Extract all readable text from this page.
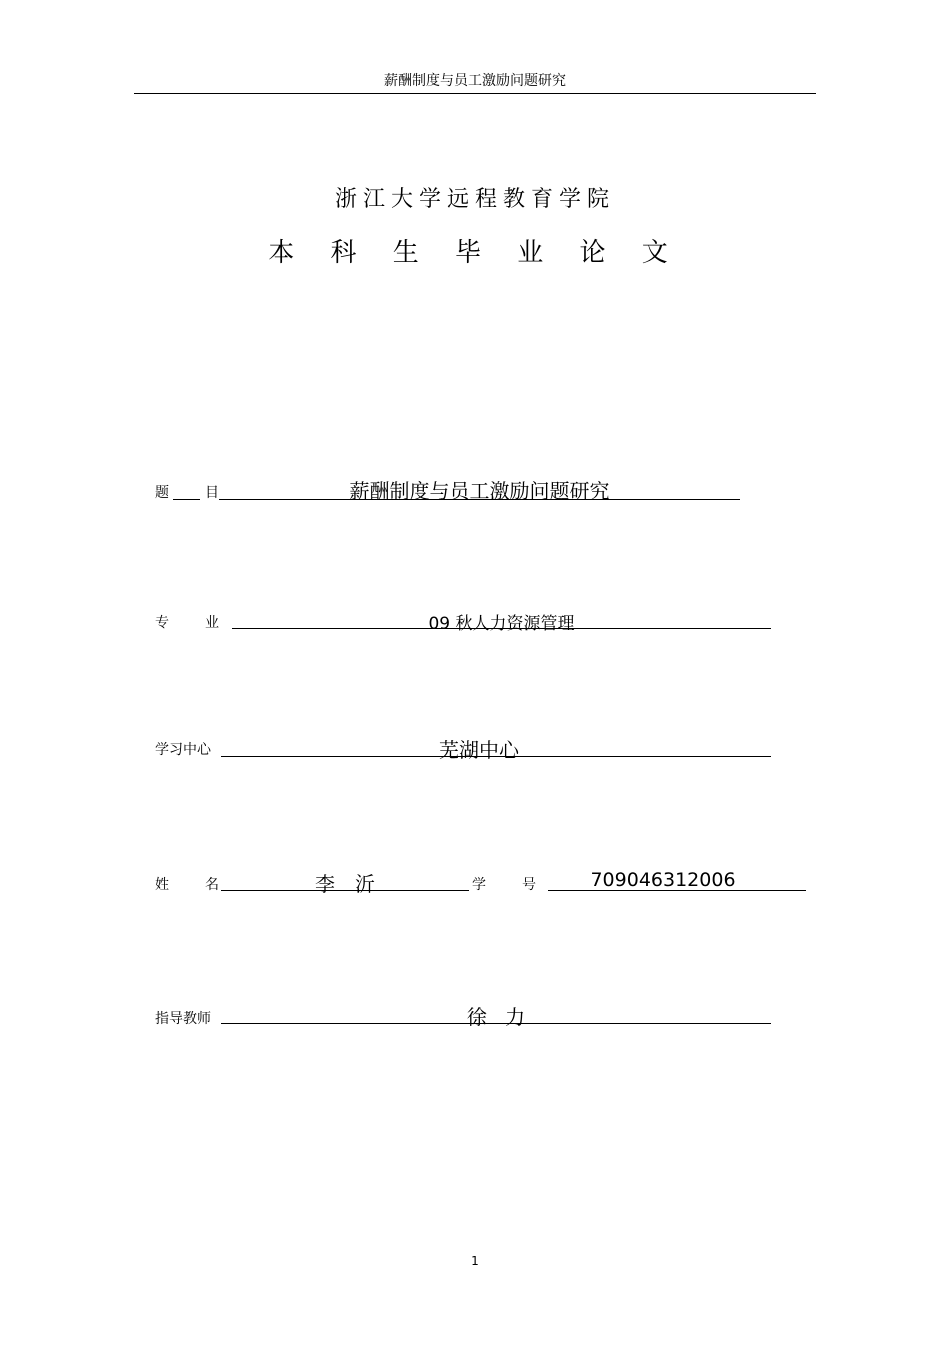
薪酬制度与员工激励问题研究
浙江大学远程教育学院
本 科 生 毕 业 论 文
题	目	薪酬制度与员工激励问题研究
专	业	09 秋人力资源管理
学习中心	芜湖中心
姓	名	李　沂	学	号	709046312006
指导教师	徐 力
1
